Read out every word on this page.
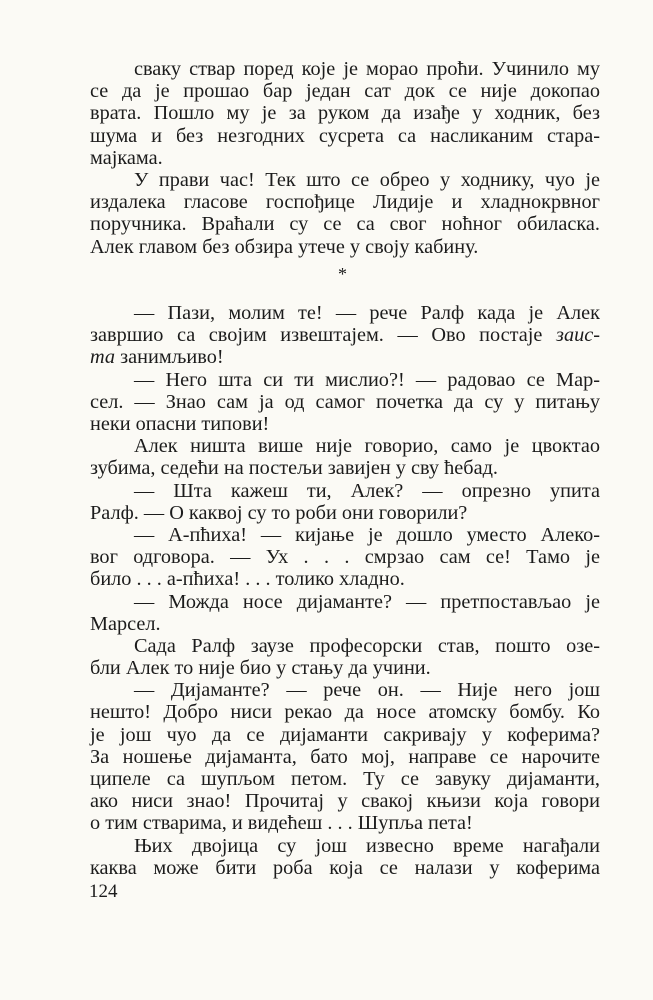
сваку ствар поред које је морао проћи. Учинило му
се да је прошао бар један сат док се није докопао
врата. Пошло му је за руком да изађе у ходник, без
шума и без незгодних сусрета са насликаним стара-
мајкама.
У прави час! Тек што се обрео у ходнику, чуо је
издалека гласове госпођице Лидије и хладнокрвног
поручника. Враћали су се са свог ноћног обиласка.
Алек главом без обзира утече у своју кабину.
— Пази, молим те! — рече Ралф када је Алек
завршио са својим извештајем. — Ово постаје заис-
та занимљиво!
— Него шта си ти мислио?! — радовао се Мар-
сел. — Знао сам ја од самог почетка да су у питању
неки опасни типови!
Алек ништа више није говорио, само је цвоктао
зубима, седећи на постељи завијен у сву ћебад.
— Шта кажеш ти, Алек? — опрезно упита
Ралф. — О каквој су то роби они говорили?
— А-пћиха! — кијање је дошло уместо Алеко-
вог одговора. — Ух . . . смрзао сам се! Тамо је
било . . . а-пћиха! . . . толико хладно.
— Можда носе дијаманте? — претпостављао је
Марсел.
Сада Ралф заузе професорски став, пошто озе-
бли Алек то није био у стању да учини.
— Дијаманте? — рече он. — Није него још
нешто! Добро ниси рекао да носе атомску бомбу. Ко
је још чуо да се дијаманти сакривају у коферима?
За ношење дијаманта, бато мој, направе се нарочите
ципеле са шупљом петом. Ту се завуку дијаманти,
ако ниси знао! Прочитај у свакој књизи која говори
о тим стварима, и видећеш . . . Шупља пета!
Њих двојица су још извесно време нагађали
каква може бити роба која се налази у коферима
*
124
